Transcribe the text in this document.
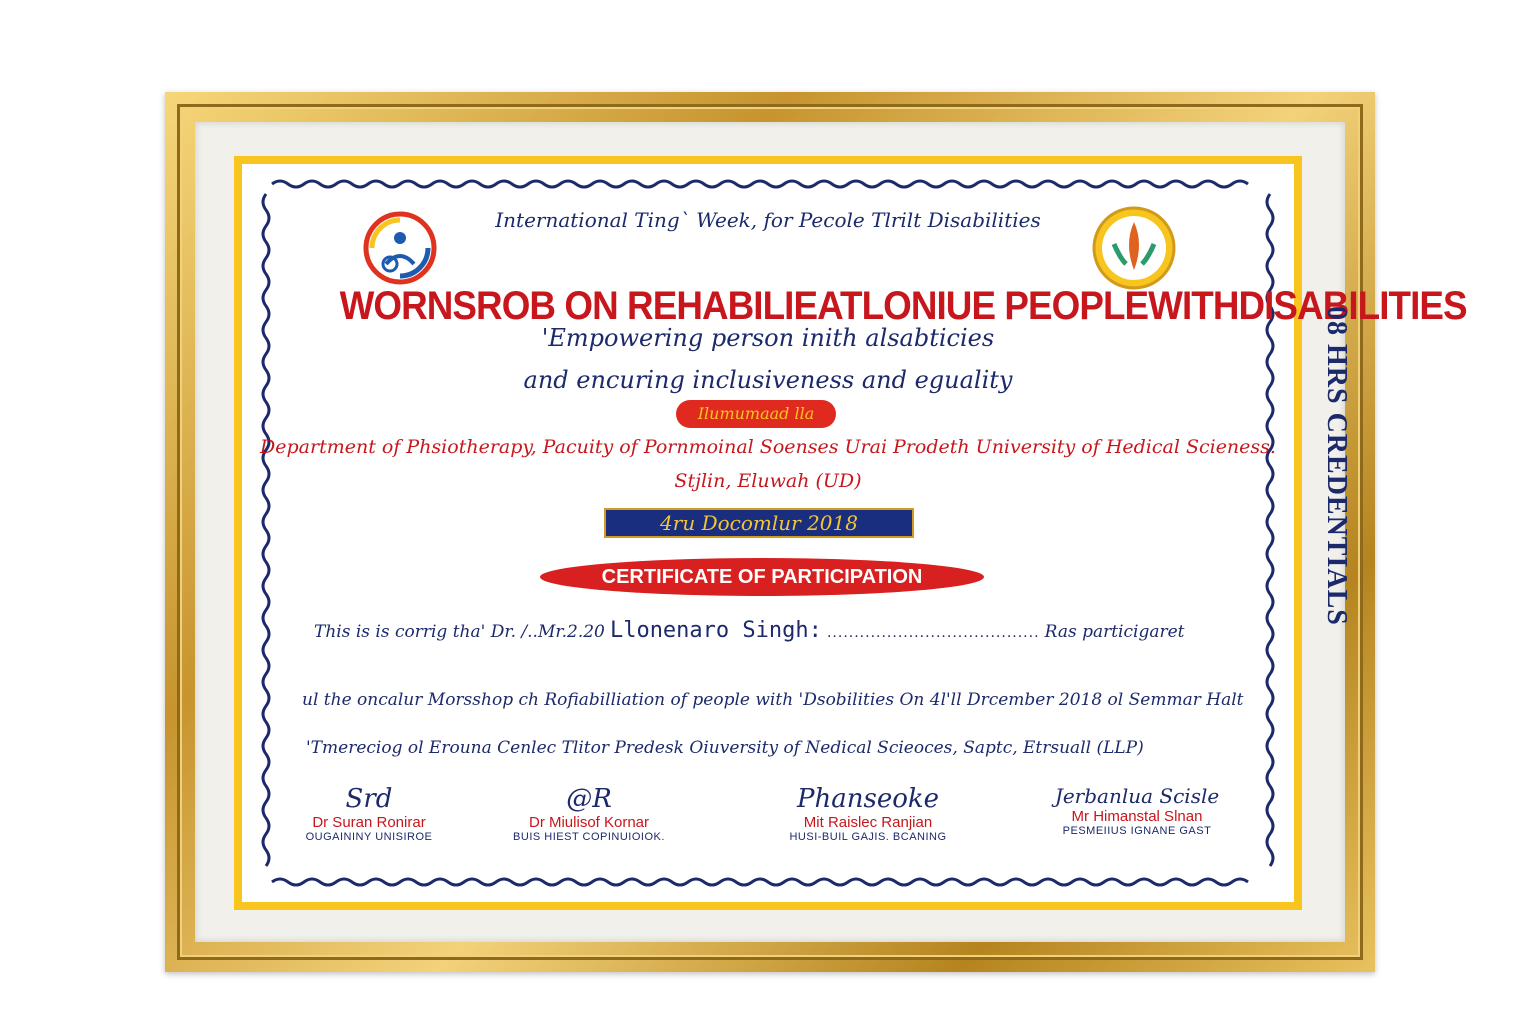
International Ting` Week, for Pecole Tlrilt Disabilities
WORNSROB ON REHABILIEATLONIUE PEOPLEWITHDISABILITIES
'Empowering person inith alsabticies
and encuring inclusiveness and eguality
Ilumumaad lla
Department of Phsiotherapy, Pacuity of Pornmoinal Soenses Urai Prodeth University of Hedical Scieness.
Stjlin, Eluwah (UD)
4ru Docomlur 2018
CERTIFICATE OF PARTICIPATION
This is is corrig tha' Dr. /..Mr.2.20 Llonenaro Singh: ....................................... Ras particigaret
ul the oncalur Morsshop ch Rofiabilliation of people with 'Dsobilities On 4l'll Drcember 2018 ol Semmar Halt
'Tmereciog ol Erouna Cenlec Tlitor Predesk Oiuversity of Nedical Scieoces, Saptc, Etrsuall (LLP)
Srd
Dr Suran Ronirar
OUGAININY UNISIROE
@R
Dr Miulisof Kornar
BUIS HIEST COPINUIOIOK.
Phanseoke
Mit Raislec Ranjian
HUSI-BUIL GAJIS. BCANING
Jerbanlua Scisle
Mr Himanstal Slnan
PESMEIIUS IGNANE GAST
08 HRS CREDENTIALS
